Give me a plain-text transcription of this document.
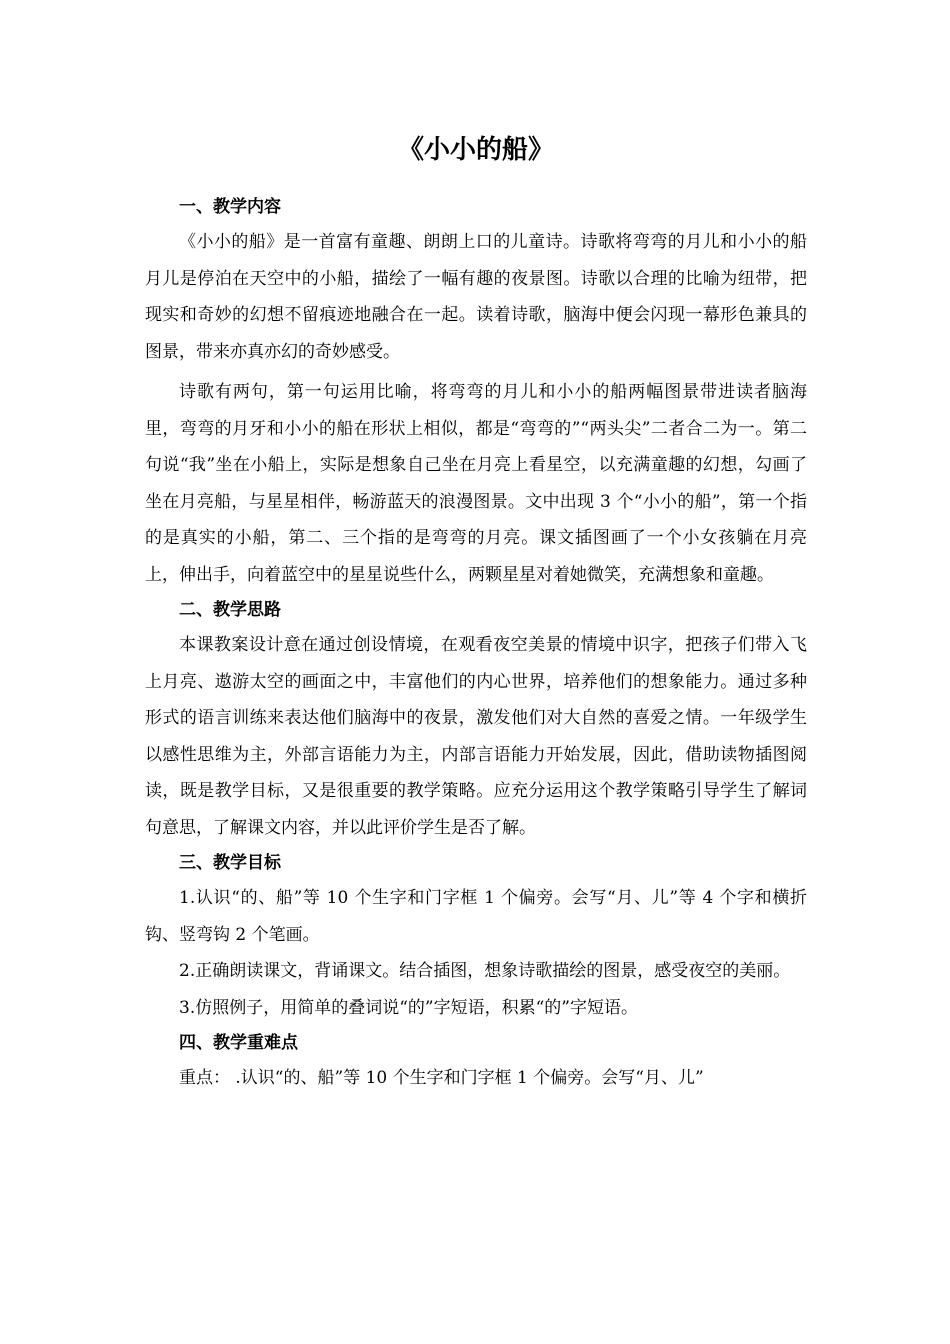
《小小的船》
一、教学内容

《小小的船》是一首富有童趣、朗朗上口的儿童诗。诗歌将弯弯的月儿和小小的船月儿是停泊在天空中的小船，描绘了一幅有趣的夜景图。诗歌以合理的比喻为纽带，把现实和奇妙的幻想不留痕迹地融合在一起。读着诗歌，脑海中便会闪现一幕形色兼具的图景，带来亦真亦幻的奇妙感受。

诗歌有两句，第一句运用比喻，将弯弯的月儿和小小的船两幅图景带进读者脑海里，弯弯的月牙和小小的船在形状上相似，都是“弯弯的”“两头尖”二者合二为一。第二句说“我”坐在小船上，实际是想象自己坐在月亮上看星空，以充满童趣的幻想，勾画了坐在月亮船，与星星相伴，畅游蓝天的浪漫图景。文中出现 3 个“小小的船”，第一个指的是真实的小船，第二、三个指的是弯弯的月亮。课文插图画了一个小女孩躺在月亮上，伸出手，向着蓝空中的星星说些什么，两颗星星对着她微笑，充满想象和童趣。

二、教学思路

本课教案设计意在通过创设情境，在观看夜空美景的情境中识字，把孩子们带入飞上月亮、遨游太空的画面之中，丰富他们的内心世界，培养他们的想象能力。通过多种形式的语言训练来表达他们脑海中的夜景，激发他们对大自然的喜爱之情。一年级学生以感性思维为主，外部言语能力为主，内部言语能力开始发展，因此，借助读物插图阅读，既是教学目标，又是很重要的教学策略。应充分运用这个教学策略引导学生了解词句意思，了解课文内容，并以此评价学生是否了解。

三、教学目标

1.认识“的、船”等 10 个生字和门字框 1 个偏旁。会写“月、儿”等 4 个字和横折钩、竖弯钩 2 个笔画。

2.正确朗读课文，背诵课文。结合插图，想象诗歌描绘的图景，感受夜空的美丽。

3.仿照例子，用简单的叠词说“的”字短语，积累“的”字短语。

四、教学重难点

重点： .认识“的、船”等 10 个生字和门字框 1 个偏旁。会写“月、儿”
